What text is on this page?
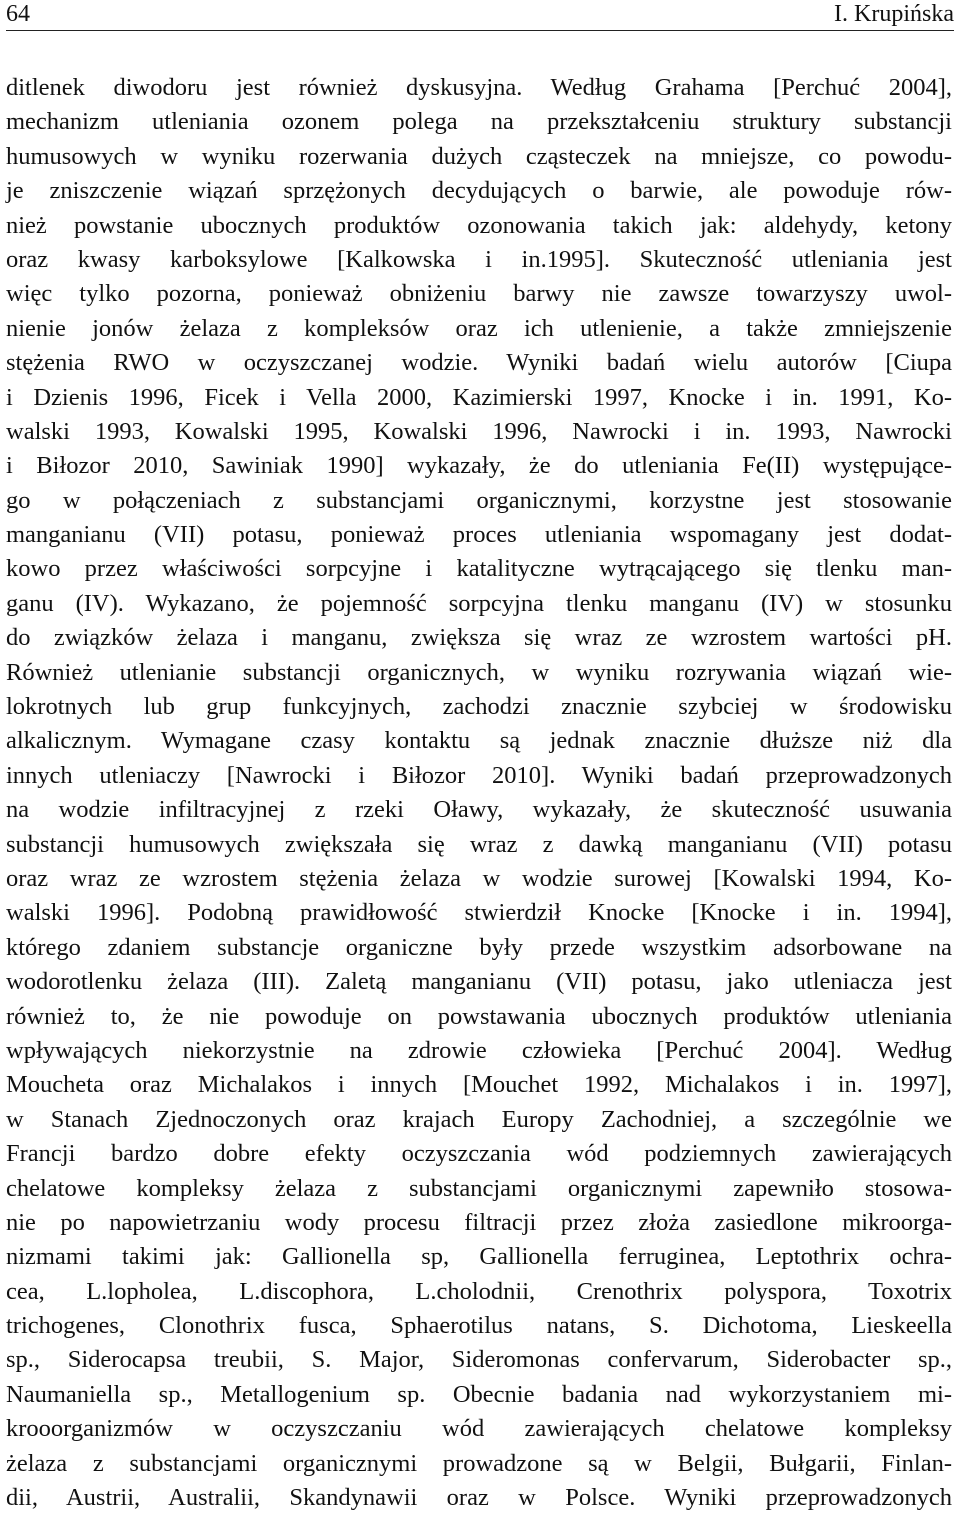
64	I. Krupińska
ditlenek diwodoru jest również dyskusyjna. Według Grahama [Perchuć 2004],
mechanizm utleniania ozonem polega na przekształceniu struktury substancji
humusowych w wyniku rozerwania dużych cząsteczek na mniejsze, co powodu-
je zniszczenie wiązań sprzężonych decydujących o barwie, ale powoduje rów-
nież powstanie ubocznych produktów ozonowania takich jak: aldehydy, ketony
oraz kwasy karboksylowe [Kalkowska i in.1995]. Skuteczność utleniania jest
więc tylko pozorna, ponieważ obniżeniu barwy nie zawsze towarzyszy uwol-
nienie jonów żelaza z kompleksów oraz ich utlenienie, a także zmniejszenie
stężenia RWO w oczyszczanej wodzie. Wyniki badań wielu autorów [Ciupa
i Dzienis 1996, Ficek i Vella 2000, Kazimierski 1997, Knocke i in. 1991, Ko-
walski 1993, Kowalski 1995, Kowalski 1996, Nawrocki i in. 1993, Nawrocki
i Biłozor 2010, Sawiniak 1990] wykazały, że do utleniania Fe(II) występujące-
go w połączeniach z substancjami organicznymi, korzystne jest stosowanie
manganianu (VII) potasu, ponieważ proces utleniania wspomagany jest dodat-
kowo przez właściwości sorpcyjne i katalityczne wytrącającego się tlenku man-
ganu (IV). Wykazano, że pojemność sorpcyjna tlenku manganu (IV) w stosunku
do związków żelaza i manganu, zwiększa się wraz ze wzrostem wartości pH.
Również utlenianie substancji organicznych, w wyniku rozrywania wiązań wie-
lokrotnych lub grup funkcyjnych, zachodzi znacznie szybciej w środowisku
alkalicznym. Wymagane czasy kontaktu są jednak znacznie dłuższe niż dla
innych utleniaczy [Nawrocki i Biłozor 2010]. Wyniki badań przeprowadzonych
na wodzie infiltracyjnej z rzeki Oławy, wykazały, że skuteczność usuwania
substancji humusowych zwiększała się wraz z dawką manganianu (VII) potasu
oraz wraz ze wzrostem stężenia żelaza w wodzie surowej [Kowalski 1994, Ko-
walski 1996]. Podobną prawidłowość stwierdził Knocke [Knocke i in. 1994],
którego zdaniem substancje organiczne były przede wszystkim adsorbowane na
wodorotlenku żelaza (III). Zaletą manganianu (VII) potasu, jako utleniacza jest
również to, że nie powoduje on powstawania ubocznych produktów utleniania
wpływających niekorzystnie na zdrowie człowieka [Perchuć 2004]. Według
Moucheta oraz Michalakos i innych [Mouchet 1992, Michalakos i in. 1997],
w Stanach Zjednoczonych oraz krajach Europy Zachodniej, a szczególnie we
Francji bardzo dobre efekty oczyszczania wód podziemnych zawierających
chelatowe kompleksy żelaza z substancjami organicznymi zapewniło stosowa-
nie po napowietrzaniu wody procesu filtracji przez złoża zasiedlone mikroorga-
nizmami takimi jak: Gallionella sp, Gallionella ferruginea, Leptothrix ochra-
cea, L.lopholea, L.discophora, L.cholodnii, Crenothrix polyspora, Toxotrix
trichogenes, Clonothrix fusca, Sphaerotilus natans, S. Dichotoma, Lieskeella
sp., Siderocapsa treubii, S. Major, Sideromonas confervarum, Siderobacter sp.,
Naumaniella sp., Metallogenium sp. Obecnie badania nad wykorzystaniem mi-
krooorganizmów w oczyszczaniu wód zawierających chelatowe kompleksy
żelaza z substancjami organicznymi prowadzone są w Belgii, Bułgarii, Finlan-
dii, Austrii, Australii, Skandynawii oraz w Polsce. Wyniki przeprowadzonych
